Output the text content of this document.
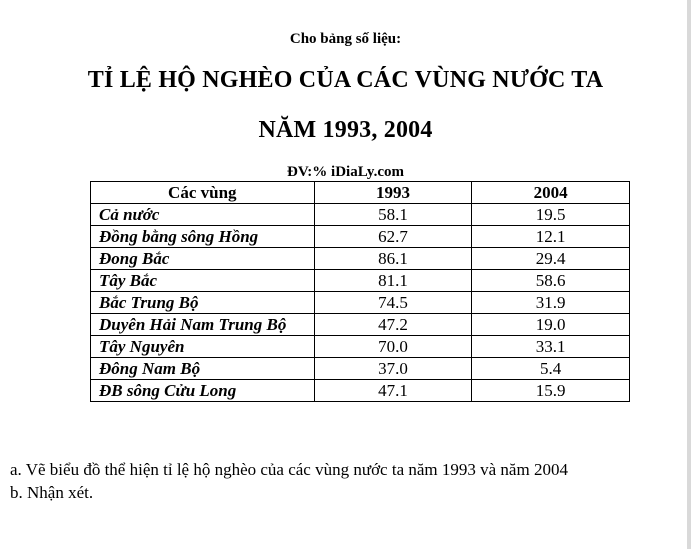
Cho bảng số liệu:
TỈ LỆ HỘ NGHÈO CỦA CÁC VÙNG NƯỚC TA
NĂM 1993, 2004
ĐV:% iDiaLy.com
Các vùng	1993	2004
Cả nước	58.1	19.5
Đồng bằng sông Hồng	62.7	12.1
Đong Bắc	86.1	29.4
Tây Bắc	81.1	58.6
Bắc Trung Bộ	74.5	31.9
Duyên Hải Nam Trung Bộ	47.2	19.0
Tây Nguyên	70.0	33.1
Đông Nam Bộ	37.0	5.4
ĐB sông Cửu Long	47.1	15.9
a. Vẽ biểu đồ thể hiện tỉ lệ hộ nghèo của các vùng nước ta năm 1993 và năm 2004
b. Nhận xét.
